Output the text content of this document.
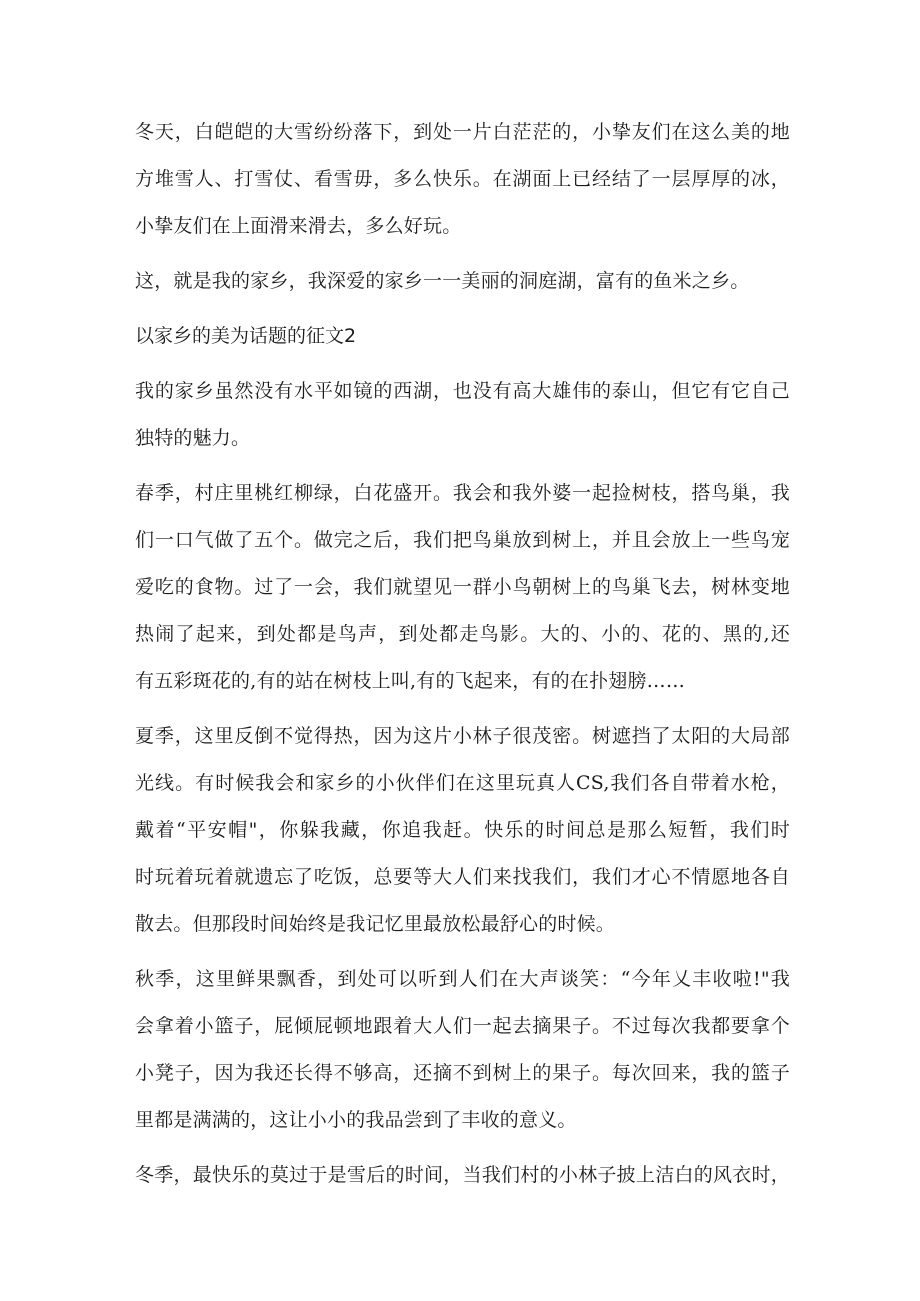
冬天，白皑皑的大雪纷纷落下，到处一片白茫茫的，小挚友们在这么美的地
方堆雪人、打雪仗、看雪毋，多么快乐。在湖面上已经结了一层厚厚的冰，
小挚友们在上面滑来滑去，多么好玩。
这，就是我的家乡，我深爱的家乡一一美丽的洞庭湖，富有的鱼米之乡。
以家乡的美为话题的征文2
我的家乡虽然没有水平如镜的西湖，也没有高大雄伟的泰山，但它有它自己
独特的魅力。
春季，村庄里桃红柳绿，白花盛开。我会和我外婆一起捡树枝，搭鸟巢，我
们一口气做了五个。做完之后，我们把鸟巢放到树上，并且会放上一些鸟宠
爱吃的食物。过了一会，我们就望见一群小鸟朝树上的鸟巢飞去，树林变地
热闹了起来，到处都是鸟声，到处都走鸟影。大的、小的、花的、黑的,还
有五彩斑花的,有的站在树枝上叫,有的飞起来，有的在扑翅膀……
夏季，这里反倒不觉得热，因为这片小林子很茂密。树遮挡了太阳的大局部
光线。有时候我会和家乡的小伙伴们在这里玩真人CS,我们各自带着水枪，
戴着“平安帽"，你躲我藏，你追我赶。快乐的时间总是那么短暂，我们时
时玩着玩着就遗忘了吃饭，总要等大人们来找我们，我们才心不情愿地各自
散去。但那段时间始终是我记忆里最放松最舒心的时候。
秋季，这里鲜果飘香，到处可以听到人们在大声谈笑：“今年乂丰收啦!"我
会拿着小篮子，屁倾屁顿地跟着大人们一起去摘果子。不过每次我都要拿个
小凳子，因为我还长得不够高，还摘不到树上的果子。每次回来，我的篮子
里都是满满的，这让小小的我品尝到了丰收的意义。
冬季，最快乐的莫过于是雪后的时间，当我们村的小林子披上洁白的风衣时，
